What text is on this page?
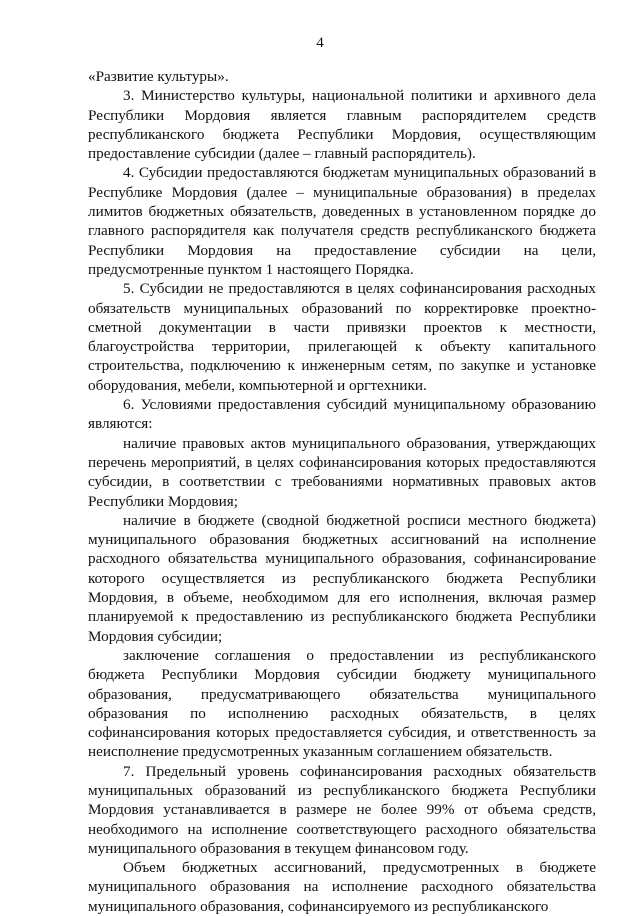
4

«Развитие культуры».

3. Министерство культуры, национальной политики и архивного дела Республики Мордовия является главным распорядителем средств республиканского бюджета Республики Мордовия, осуществляющим предоставление субсидии (далее – главный распорядитель).

4. Субсидии предоставляются бюджетам муниципальных образований в Республике Мордовия (далее – муниципальные образования) в пределах лимитов бюджетных обязательств, доведенных в установленном порядке до главного распорядителя как получателя средств республиканского бюджета Республики Мордовия на предоставление субсидии на цели, предусмотренные пунктом 1 настоящего Порядка.

5. Субсидии не предоставляются в целях софинансирования расходных обязательств муниципальных образований по корректировке проектно-сметной документации в части привязки проектов к местности, благоустройства территории, прилегающей к объекту капитального строительства, подключению к инженерным сетям, по закупке и установке оборудования, мебели, компьютерной и оргтехники.

6. Условиями предоставления субсидий муниципальному образованию являются:

наличие правовых актов муниципального образования, утверждающих перечень мероприятий, в целях софинансирования которых предоставляются субсидии, в соответствии с требованиями нормативных правовых актов Республики Мордовия;

наличие в бюджете (сводной бюджетной росписи местного бюджета) муниципального образования бюджетных ассигнований на исполнение расходного обязательства муниципального образования, софинансирование которого осуществляется из республиканского бюджета Республики Мордовия, в объеме, необходимом для его исполнения, включая размер планируемой к предоставлению из республиканского бюджета Республики Мордовия субсидии;

заключение соглашения о предоставлении из республиканского бюджета Республики Мордовия субсидии бюджету муниципального образования, предусматривающего обязательства муниципального образования по исполнению расходных обязательств, в целях софинансирования которых предоставляется субсидия, и ответственность за неисполнение предусмотренных указанным соглашением обязательств.

7. Предельный уровень софинансирования расходных обязательств муниципальных образований из республиканского бюджета Республики Мордовия устанавливается в размере не более 99% от объема средств, необходимого на исполнение соответствующего расходного обязательства муниципального образования в текущем финансовом году.

Объем бюджетных ассигнований, предусмотренных в бюджете муниципального образования на исполнение расходного обязательства муниципального образования, софинансируемого из республиканского
